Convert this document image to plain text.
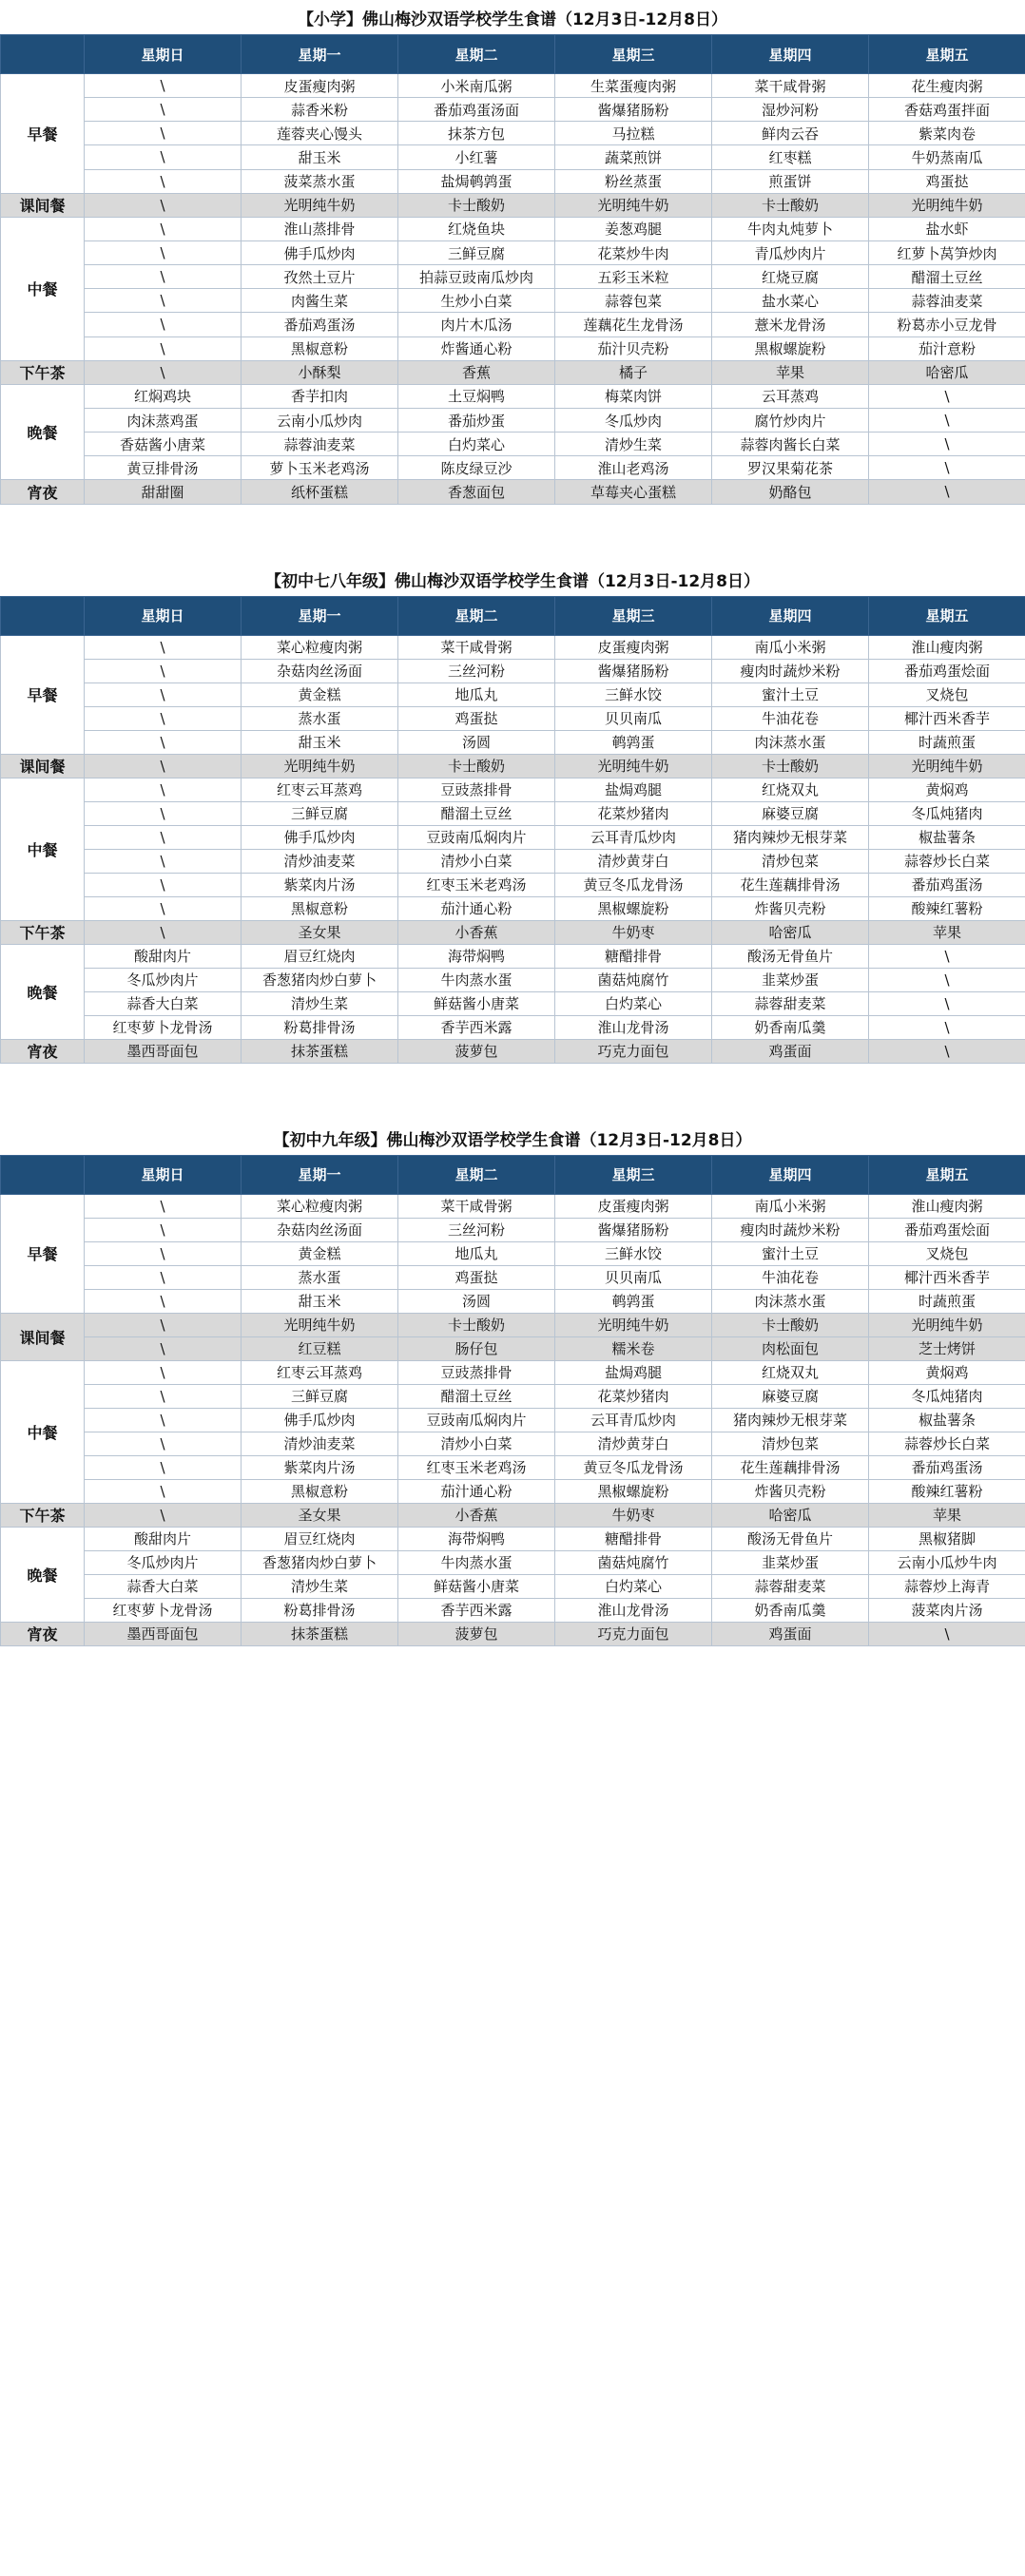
【小学】佛山梅沙双语学校学生食谱（12月3日-12月8日）
	星期日	星期一	星期二	星期三	星期四	星期五
早餐	\	皮蛋瘦肉粥	小米南瓜粥	生菜蛋瘦肉粥	菜干咸骨粥	花生瘦肉粥
	\	蒜香米粉	番茄鸡蛋汤面	酱爆猪肠粉	湿炒河粉	香菇鸡蛋拌面
	\	莲蓉夹心馒头	抹茶方包	马拉糕	鲜肉云吞	紫菜肉卷
	\	甜玉米	小红薯	蔬菜煎饼	红枣糕	牛奶蒸南瓜
	\	菠菜蒸水蛋	盐焗鹌鹑蛋	粉丝蒸蛋	煎蛋饼	鸡蛋挞
课间餐	\	光明纯牛奶	卡士酸奶	光明纯牛奶	卡士酸奶	光明纯牛奶
中餐	\	淮山蒸排骨	红烧鱼块	姜葱鸡腿	牛肉丸炖萝卜	盐水虾
	\	佛手瓜炒肉	三鲜豆腐	花菜炒牛肉	青瓜炒肉片	红萝卜莴笋炒肉
	\	孜然土豆片	拍蒜豆豉南瓜炒肉	五彩玉米粒	红烧豆腐	醋溜土豆丝
	\	肉酱生菜	生炒小白菜	蒜蓉包菜	盐水菜心	蒜蓉油麦菜
	\	番茄鸡蛋汤	肉片木瓜汤	莲藕花生龙骨汤	薏米龙骨汤	粉葛赤小豆龙骨
	\	黑椒意粉	炸酱通心粉	茄汁贝壳粉	黑椒螺旋粉	茄汁意粉
下午茶	\	小酥梨	香蕉	橘子	苹果	哈密瓜
晚餐	红焖鸡块	香芋扣肉	土豆焖鸭	梅菜肉饼	云耳蒸鸡	\
	肉沫蒸鸡蛋	云南小瓜炒肉	番茄炒蛋	冬瓜炒肉	腐竹炒肉片	\
	香菇酱小唐菜	蒜蓉油麦菜	白灼菜心	清炒生菜	蒜蓉肉酱长白菜	\
	黄豆排骨汤	萝卜玉米老鸡汤	陈皮绿豆沙	淮山老鸡汤	罗汉果菊花茶	\
宵夜	甜甜圈	纸杯蛋糕	香葱面包	草莓夹心蛋糕	奶酪包	\
【初中七八年级】佛山梅沙双语学校学生食谱（12月3日-12月8日）
	星期日	星期一	星期二	星期三	星期四	星期五
早餐	\	菜心粒瘦肉粥	菜干咸骨粥	皮蛋瘦肉粥	南瓜小米粥	淮山瘦肉粥
	\	杂菇肉丝汤面	三丝河粉	酱爆猪肠粉	瘦肉时蔬炒米粉	番茄鸡蛋烩面
	\	黄金糕	地瓜丸	三鲜水饺	蜜汁土豆	叉烧包
	\	蒸水蛋	鸡蛋挞	贝贝南瓜	牛油花卷	椰汁西米香芋
	\	甜玉米	汤圆	鹌鹑蛋	肉沫蒸水蛋	时蔬煎蛋
课间餐	\	光明纯牛奶	卡士酸奶	光明纯牛奶	卡士酸奶	光明纯牛奶
中餐	\	红枣云耳蒸鸡	豆豉蒸排骨	盐焗鸡腿	红烧双丸	黄焖鸡
	\	三鲜豆腐	醋溜土豆丝	花菜炒猪肉	麻婆豆腐	冬瓜炖猪肉
	\	佛手瓜炒肉	豆豉南瓜焖肉片	云耳青瓜炒肉	猪肉辣炒无根芽菜	椒盐薯条
	\	清炒油麦菜	清炒小白菜	清炒黄芽白	清炒包菜	蒜蓉炒长白菜
	\	紫菜肉片汤	红枣玉米老鸡汤	黄豆冬瓜龙骨汤	花生莲藕排骨汤	番茄鸡蛋汤
	\	黑椒意粉	茄汁通心粉	黑椒螺旋粉	炸酱贝壳粉	酸辣红薯粉
下午茶	\	圣女果	小香蕉	牛奶枣	哈密瓜	苹果
晚餐	酸甜肉片	眉豆红烧肉	海带焖鸭	糖醋排骨	酸汤无骨鱼片	\
	冬瓜炒肉片	香葱猪肉炒白萝卜	牛肉蒸水蛋	菌菇炖腐竹	韭菜炒蛋	\
	蒜香大白菜	清炒生菜	鲜菇酱小唐菜	白灼菜心	蒜蓉甜麦菜	\
	红枣萝卜龙骨汤	粉葛排骨汤	香芋西米露	淮山龙骨汤	奶香南瓜羹	\
宵夜	墨西哥面包	抹茶蛋糕	菠萝包	巧克力面包	鸡蛋面	\
【初中九年级】佛山梅沙双语学校学生食谱（12月3日-12月8日）
	星期日	星期一	星期二	星期三	星期四	星期五
早餐	\	菜心粒瘦肉粥	菜干咸骨粥	皮蛋瘦肉粥	南瓜小米粥	淮山瘦肉粥
	\	杂菇肉丝汤面	三丝河粉	酱爆猪肠粉	瘦肉时蔬炒米粉	番茄鸡蛋烩面
	\	黄金糕	地瓜丸	三鲜水饺	蜜汁土豆	叉烧包
	\	蒸水蛋	鸡蛋挞	贝贝南瓜	牛油花卷	椰汁西米香芋
	\	甜玉米	汤圆	鹌鹑蛋	肉沫蒸水蛋	时蔬煎蛋
课间餐	\	光明纯牛奶	卡士酸奶	光明纯牛奶	卡士酸奶	光明纯牛奶
	\	红豆糕	肠仔包	糯米卷	肉松面包	芝士烤饼
中餐	\	红枣云耳蒸鸡	豆豉蒸排骨	盐焗鸡腿	红烧双丸	黄焖鸡
	\	三鲜豆腐	醋溜土豆丝	花菜炒猪肉	麻婆豆腐	冬瓜炖猪肉
	\	佛手瓜炒肉	豆豉南瓜焖肉片	云耳青瓜炒肉	猪肉辣炒无根芽菜	椒盐薯条
	\	清炒油麦菜	清炒小白菜	清炒黄芽白	清炒包菜	蒜蓉炒长白菜
	\	紫菜肉片汤	红枣玉米老鸡汤	黄豆冬瓜龙骨汤	花生莲藕排骨汤	番茄鸡蛋汤
	\	黑椒意粉	茄汁通心粉	黑椒螺旋粉	炸酱贝壳粉	酸辣红薯粉
下午茶	\	圣女果	小香蕉	牛奶枣	哈密瓜	苹果
晚餐	酸甜肉片	眉豆红烧肉	海带焖鸭	糖醋排骨	酸汤无骨鱼片	黑椒猪脚
	冬瓜炒肉片	香葱猪肉炒白萝卜	牛肉蒸水蛋	菌菇炖腐竹	韭菜炒蛋	云南小瓜炒牛肉
	蒜香大白菜	清炒生菜	鲜菇酱小唐菜	白灼菜心	蒜蓉甜麦菜	蒜蓉炒上海青
	红枣萝卜龙骨汤	粉葛排骨汤	香芋西米露	淮山龙骨汤	奶香南瓜羹	菠菜肉片汤
宵夜	墨西哥面包	抹茶蛋糕	菠萝包	巧克力面包	鸡蛋面	\
